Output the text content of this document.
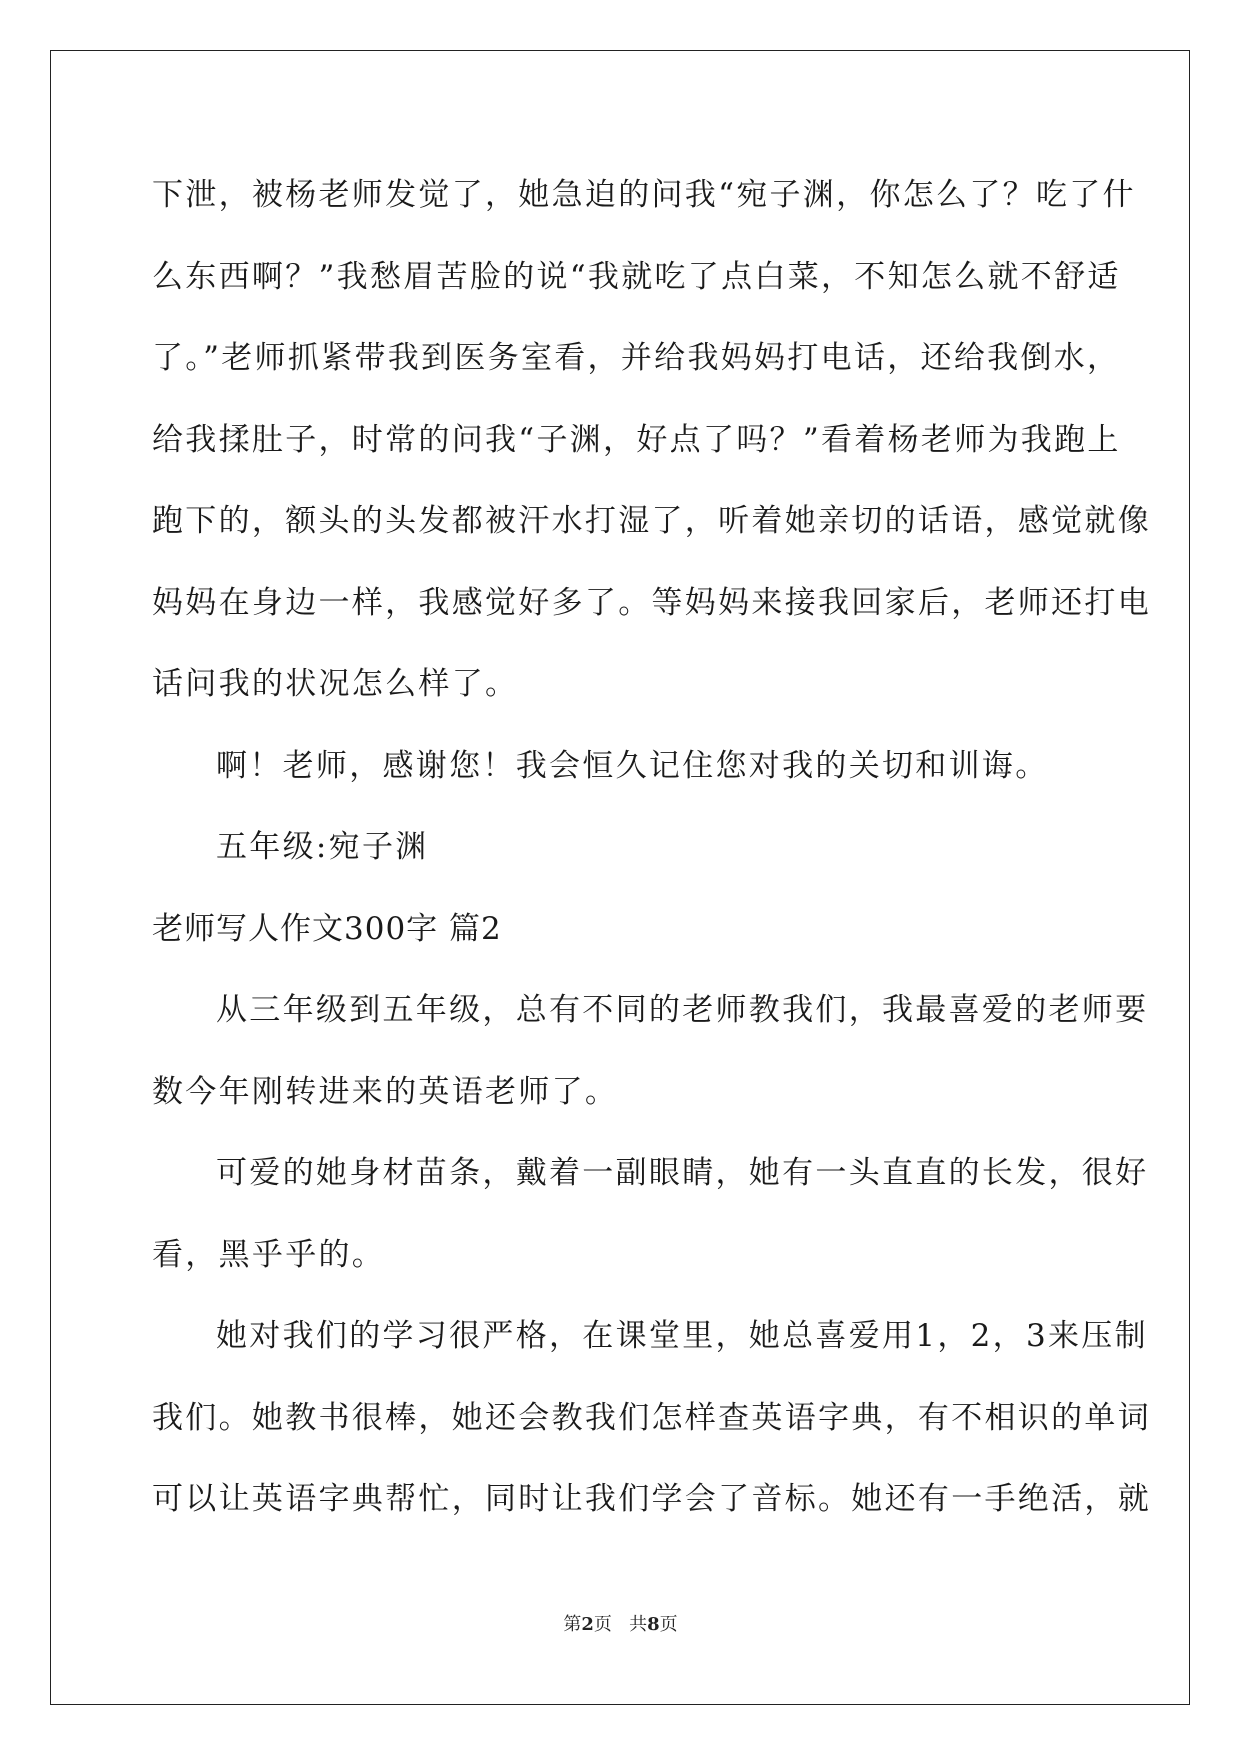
下泄，被杨老师发觉了，她急迫的问我“宛子渊，你怎么了？吃了什
么东西啊？”我愁眉苦脸的说“我就吃了点白菜，不知怎么就不舒适
了。”老师抓紧带我到医务室看，并给我妈妈打电话，还给我倒水，
给我揉肚子，时常的问我“子渊，好点了吗？”看着杨老师为我跑上
跑下的，额头的头发都被汗水打湿了，听着她亲切的话语，感觉就像
妈妈在身边一样，我感觉好多了。等妈妈来接我回家后，老师还打电
话问我的状况怎么样了。
啊！老师，感谢您！我会恒久记住您对我的关切和训诲。
五年级:宛子渊
老师写人作文300字 篇2
从三年级到五年级，总有不同的老师教我们，我最喜爱的老师要
数今年刚转进来的英语老师了。
可爱的她身材苗条，戴着一副眼睛，她有一头直直的长发，很好
看，黑乎乎的。
她对我们的学习很严格，在课堂里，她总喜爱用1，2，3来压制
我们。她教书很棒，她还会教我们怎样查英语字典，有不相识的单词
可以让英语字典帮忙，同时让我们学会了音标。她还有一手绝活，就
第2页   共8页
